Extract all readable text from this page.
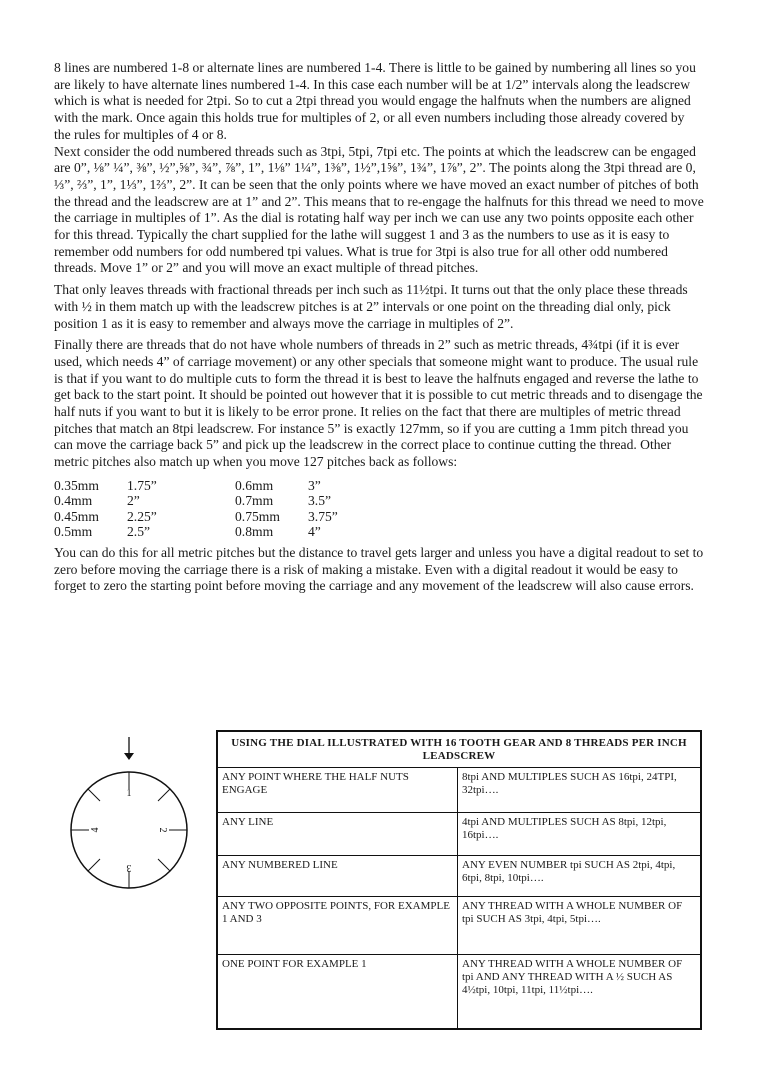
8 lines are numbered 1-8 or alternate lines are numbered 1-4. There is little to be gained by numbering all lines so you are likely to have alternate lines numbered 1-4. In this case each number will be at 1/2” intervals along the leadscrew which is what is needed for 2tpi. So to cut a 2tpi thread you would engage the halfnuts when the numbers are aligned with the mark. Once again this holds true for multiples of 2, or all even numbers including those already covered by the rules for multiples of 4 or 8.

Next consider the odd numbered threads such as 3tpi, 5tpi, 7tpi etc. The points at which the leadscrew can be engaged are 0”, ⅛” ¼”, ⅜”, ½”,⅝”, ¾”, ⅞”, 1”, 1⅛” 1¼”, 1⅜”, 1½”,1⅝”, 1¾”, 1⅞”, 2”. The points along the 3tpi thread are 0, ⅓”, ⅔”, 1”, 1⅓”, 1⅔”, 2”. It can be seen that the only points where we have moved an exact number of pitches of both the thread and the leadscrew are at 1” and 2”. This means that to re-engage the halfnuts for this thread we need to move the carriage in multiples of 1”. As the dial is rotating half way per inch we can use any two points opposite each other for this thread. Typically the chart supplied for the lathe will suggest 1 and 3 as the numbers to use as it is easy to remember odd numbers for odd numbered tpi values. What is true for 3tpi is also true for all other odd numbered threads. Move 1” or 2” and you will move an exact multiple of thread pitches.

That only leaves threads with fractional threads per inch such as 11½tpi. It turns out that the only place these threads with ½ in them match up with the leadscrew pitches is at 2” intervals or one point on the threading dial only, pick position 1 as it is easy to remember and always move the carriage in multiples of 2”.

Finally there are threads that do not have whole numbers of threads in 2” such as metric threads, 4¾tpi (if it is ever used, which needs 4” of carriage movement) or any other specials that someone might want to produce. The usual rule is that if you want to do multiple cuts to form the thread it is best to leave the halfnuts engaged and reverse the lathe to get back to the start point. It should be pointed out however that it is possible to cut metric threads and to disengage the half nuts if you want to but it is likely to be error prone. It relies on the fact that there are multiples of metric thread pitches that match an 8tpi leadscrew. For instance 5” is exactly 127mm, so if you are cutting a 1mm pitch thread you can move the carriage back 5” and pick up the leadscrew in the correct place to continue cutting the thread. Other metric pitches also match up when you move 127 pitches back as follows:

0.35mm	1.75”	0.6mm	3”
0.4mm	2”	0.7mm	3.5”
0.45mm	2.25”	0.75mm	3.75”
0.5mm	2.5”	0.8mm	4”

You can do this for all metric pitches but the distance to travel gets larger and unless you have a digital readout to set to zero before moving the carriage there is a risk of making a mistake. Even with a digital readout it would be easy to forget to zero the starting point before moving the carriage and any movement of the leadscrew will also cause errors.

1
2
3
4
USING THE DIAL ILLUSTRATED WITH 16 TOOTH GEAR AND 8 THREADS PER INCH LEADSCREW	
ANY POINT WHERE THE HALF NUTS ENGAGE	8tpi AND MULTIPLES SUCH AS 16tpi, 24TPI, 32tpi….
ANY LINE	4tpi AND MULTIPLES SUCH AS 8tpi, 12tpi, 16tpi….
ANY NUMBERED LINE	ANY EVEN NUMBER tpi SUCH AS 2tpi, 4tpi, 6tpi, 8tpi, 10tpi….
ANY TWO OPPOSITE POINTS, FOR EXAMPLE 1 AND 3	ANY THREAD WITH A WHOLE NUMBER OF tpi SUCH AS 3tpi, 4tpi, 5tpi….
ONE POINT FOR EXAMPLE 1	ANY THREAD WITH A WHOLE NUMBER OF tpi AND ANY THREAD WITH A ½ SUCH AS 4½tpi, 10tpi, 11tpi, 11½tpi….
